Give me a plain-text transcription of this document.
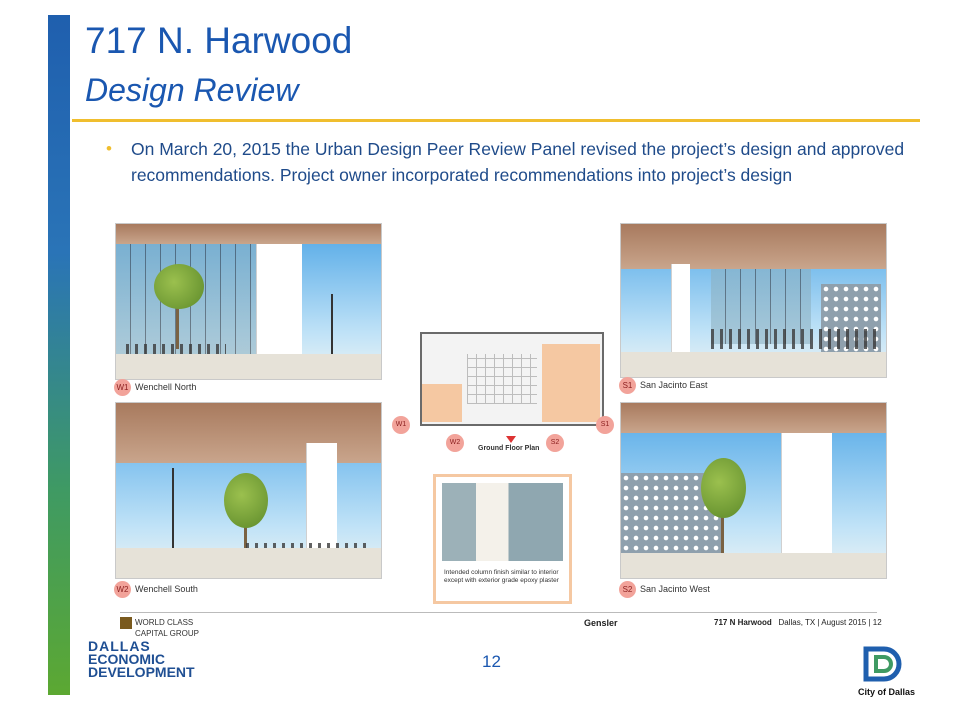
717 N. Harwood
Design Review
• On March 20, 2015 the Urban Design Peer Review Panel revised the project’s design and approved recommendations. Project owner incorporated recommendations into project’s design
W1 Wenchell North
W2 Wenchell South
S1 San Jacinto East
S2 San Jacinto West
W1
W2	S2
S1
Ground Floor Plan
Intended column finish similar to interior except with exterior grade epoxy plaster
WORLD CLASS
CAPITAL GROUP
Gensler	717 N Harwood Dallas, TX | August 2015 | 12
DALLAS
ECONOMIC
DEVELOPMENT
12
City of Dallas
